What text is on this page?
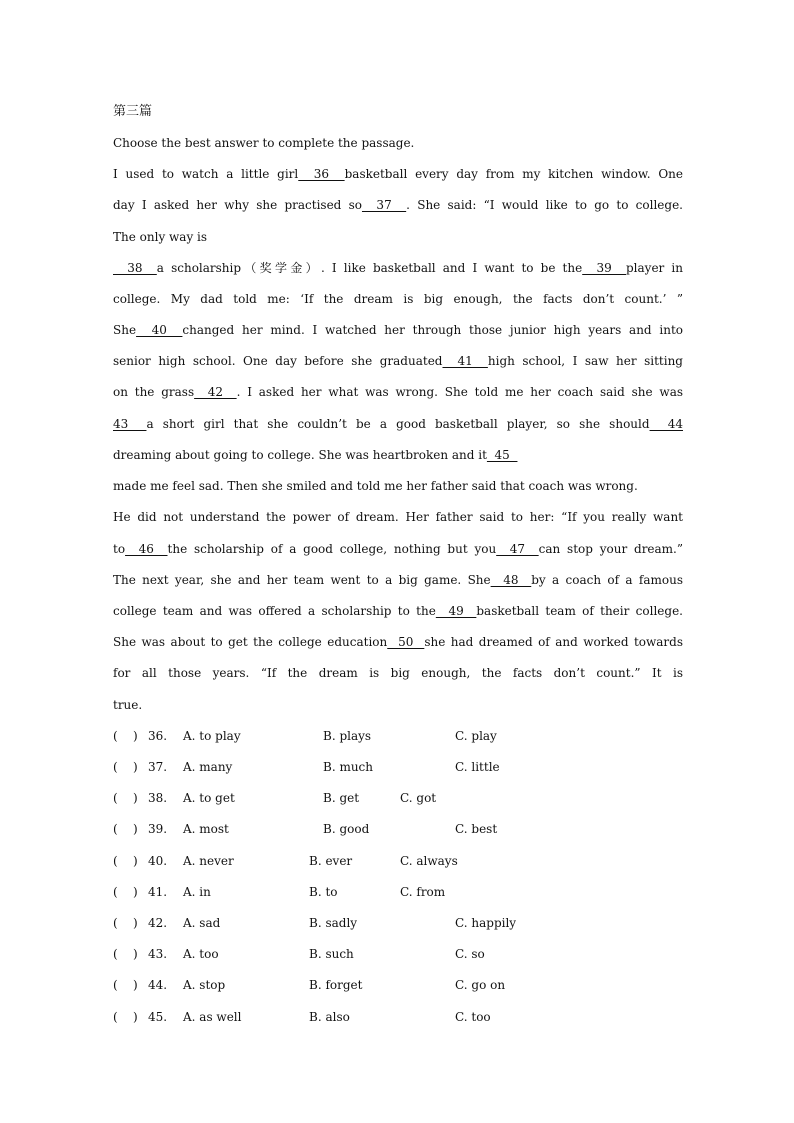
第三篇
Choose the best answer to complete the passage.
I used to watch a little girl  36  basketball every day from my kitchen window. One
day I asked her why she practised so  37  . She said: “I would like to go to college.
The only way is
38  a scholarship（奖学金）. I like basketball and I want to be the  39  player in
college. My dad told me: ‘If the dream is big enough, the facts don’t count.’ ”
She  40  changed her mind. I watched her through those junior high years and into
senior high school. One day before she graduated  41  high school, I saw her sitting
on the grass  42  . I asked her what was wrong. She told me her coach said she was
43  a short girl that she couldn’t be a good basketball player, so she should  44
dreaming about going to college. She was heartbroken and it  45
made me feel sad. Then she smiled and told me her father said that coach was wrong.
He did not understand the power of dream. Her father said to her: “If you really want
to  46  the scholarship of a good college, nothing but you  47  can stop your dream.”
The next year, she and her team went to a big game. She  48  by a coach of a famous
college team and was offered a scholarship to the  49  basketball team of their college.
She was about to get the college education  50  she had dreamed of and worked towards
for all those years. “If the dream is big enough, the facts don’t count.” It is
true.
(    ) 36. A. to play	B. plays	C. play
(    ) 37. A. many	B. much	C. little
(    ) 38. A. to get	B. get	C. got
(    ) 39. A. most	B. good	C. best
(    ) 40. A. never	B. ever	C. always
(    ) 41. A. in	B. to	C. from
(    ) 42. A. sad	B. sadly	C. happily
(    ) 43. A. too	B. such	C. so
(    ) 44. A. stop	B. forget	C. go on
(    ) 45. A. as well	B. also	C. too
